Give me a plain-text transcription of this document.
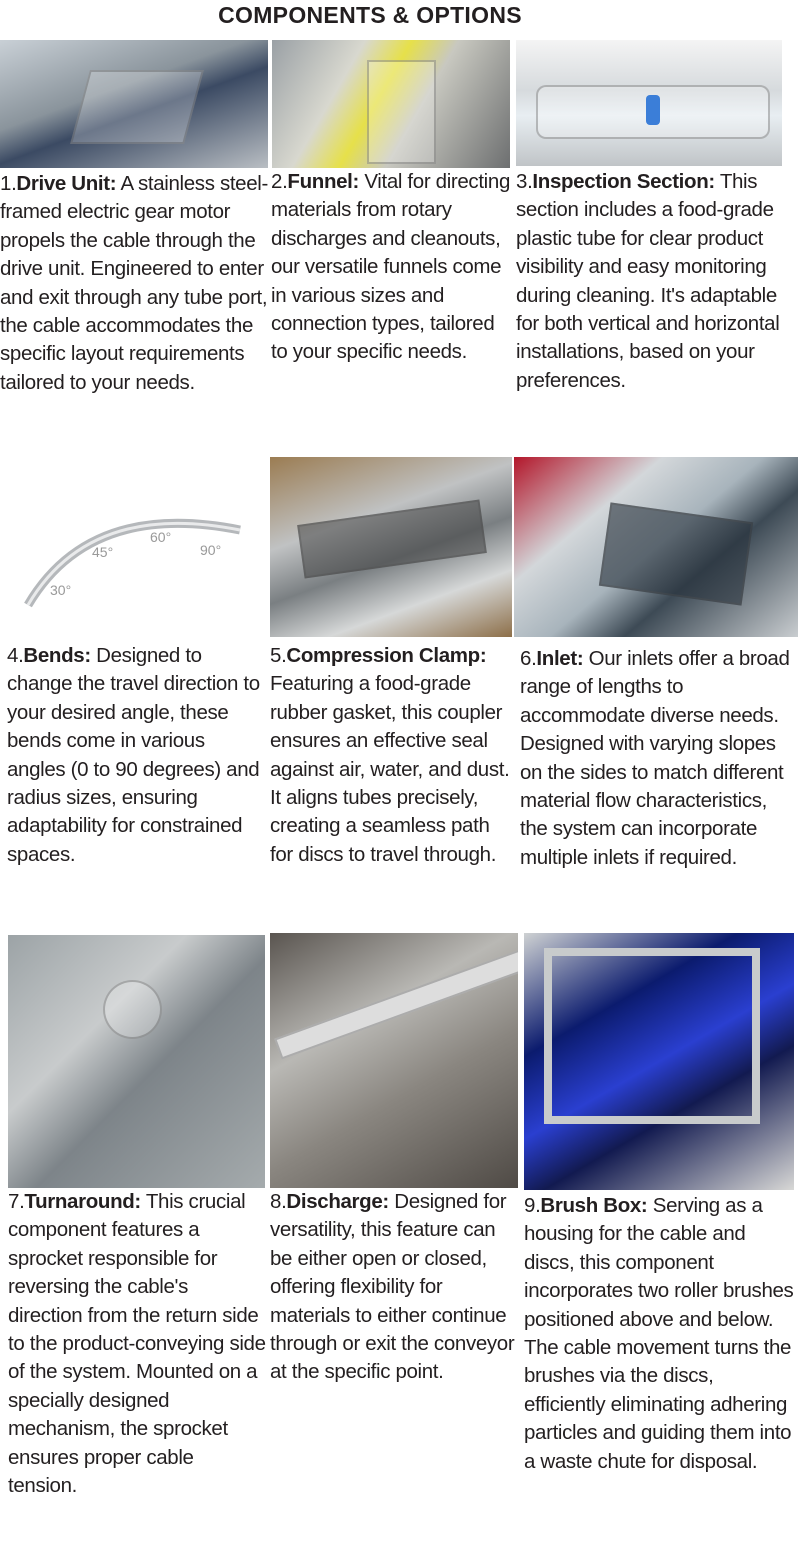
COMPONENTS & OPTIONS
30°
45°
60°
90°
1.Drive Unit: A stainless steel-framed electric gear motor propels the cable through the drive unit. Engineered to enter and exit through any tube port, the cable accommodates the specific layout requirements tailored to your needs.
2.Funnel: Vital for directing materials from rotary discharges and cleanouts, our versatile funnels come in various sizes and connection types, tailored to your specific needs.
3.Inspection Section: This section includes a food-grade plastic tube for clear product visibility and easy monitoring during cleaning. It's adaptable for both vertical and horizontal installations, based on your preferences.
4.Bends: Designed to change the travel direction to your desired angle, these bends come in various angles (0 to 90 degrees) and radius sizes, ensuring adaptability for constrained spaces.
5.Compression Clamp: Featuring a food-grade rubber gasket, this coupler ensures an effective seal against air, water, and dust. It aligns tubes precisely, creating a seamless path for discs to travel through.
6.Inlet: Our inlets offer a broad range of lengths to accommodate diverse needs. Designed with varying slopes on the sides to match different material flow characteristics, the system can incorporate multiple inlets if required.
7.Turnaround: This crucial component features a sprocket responsible for reversing the cable's direction from the return side to the product-conveying side of the system. Mounted on a specially designed mechanism, the sprocket ensures proper cable tension.
8.Discharge: Designed for versatility, this feature can be either open or closed, offering flexibility for materials to either continue through or exit the conveyor at the specific point.
9.Brush Box: Serving as a housing for the cable and discs, this component incorporates two roller brushes positioned above and below. The cable movement turns the brushes via the discs, efficiently eliminating adhering particles and guiding them into a waste chute for disposal.
